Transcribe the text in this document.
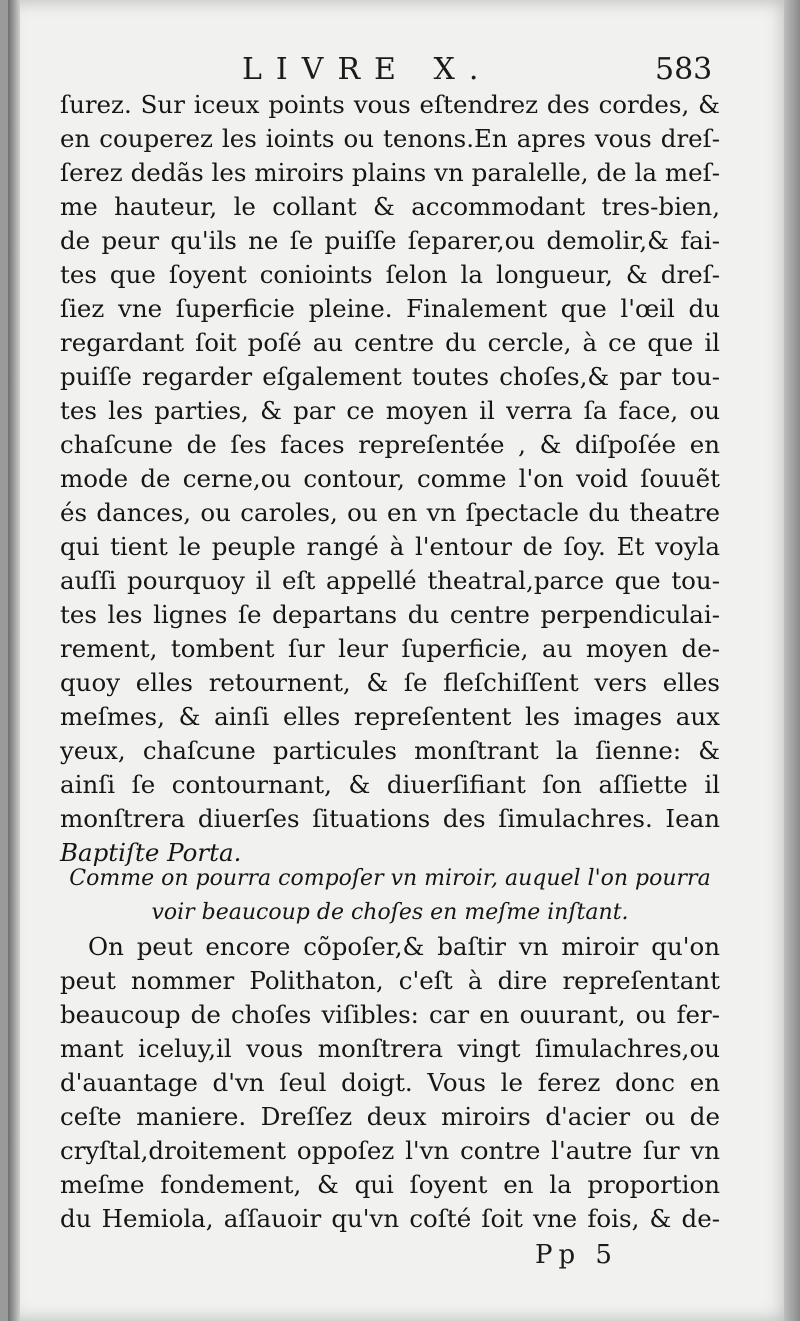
LIVRE X.	583
ſurez. Sur iceux points vous eſtendrez des cordes, &
en couperez les ioints ou tenons.En apres vous dreſ-
ſerez dedãs les miroirs plains vn paralelle, de la meſ-
me hauteur, le collant & accommodant tres-bien,
de peur qu'ils ne ſe puiſſe ſeparer,ou demolir,& fai-
tes que ſoyent conioints ſelon la longueur, & dreſ-
ſiez vne ſuperficie pleine. Finalement que l'œil du
regardant ſoit poſé au centre du cercle, à ce que il
puiſſe regarder eſgalement toutes choſes,& par tou-
tes les parties, & par ce moyen il verra ſa face, ou
chaſcune de ſes faces repreſentée , & diſpoſée en
mode de cerne,ou contour, comme l'on void ſouuẽt
és dances, ou caroles, ou en vn ſpectacle du theatre
qui tient le peuple rangé à l'entour de ſoy. Et voyla
auſſi pourquoy il eſt appellé theatral,parce que tou-
tes les lignes ſe departans du centre perpendiculai-
rement, tombent ſur leur ſuperficie, au moyen de-
quoy elles retournent, & ſe fleſchiſſent vers elles
meſmes, & ainſi elles repreſentent les images aux
yeux, chaſcune particules monſtrant la ſienne: &
ainſi ſe contournant, & diuerſifiant ſon aſſiette il
monſtrera diuerſes ſituations des ſimulachres. Iean
Baptiſte Porta.
Comme on pourra compoſer vn miroir, auquel l'on pourra
voir beaucoup de choſes en meſme inſtant.
On peut encore cõpoſer,& baſtir vn miroir qu'on
peut nommer Polithaton, c'eſt à dire repreſentant
beaucoup de choſes viſibles: car en ouurant, ou fer-
mant iceluy,il vous monſtrera vingt ſimulachres,ou
d'auantage d'vn ſeul doigt. Vous le ferez donc en
ceſte maniere. Dreſſez deux miroirs d'acier ou de
cryſtal,droitement oppoſez l'vn contre l'autre ſur vn
meſme fondement, & qui ſoyent en la proportion
du Hemiola, aſſauoir qu'vn coſté ſoit vne fois, & de-
Pp 5
